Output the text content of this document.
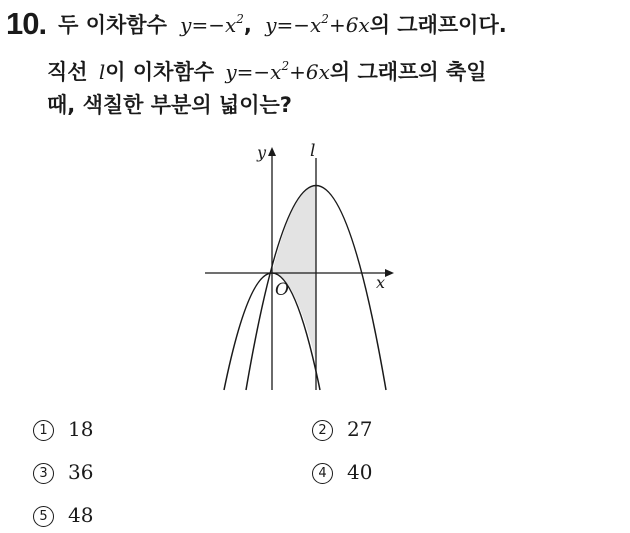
10. 두 이차함수 $y=-x^2$, $y=-x^2+6x$의 그래프이다.
직선 l이 이차함수 $y=-x^2+6x$의 그래프의 축일
때, 색칠한 부분의 넓이는?
y	l
x
O
1 18	2 27
3 36	4 40
5 48
